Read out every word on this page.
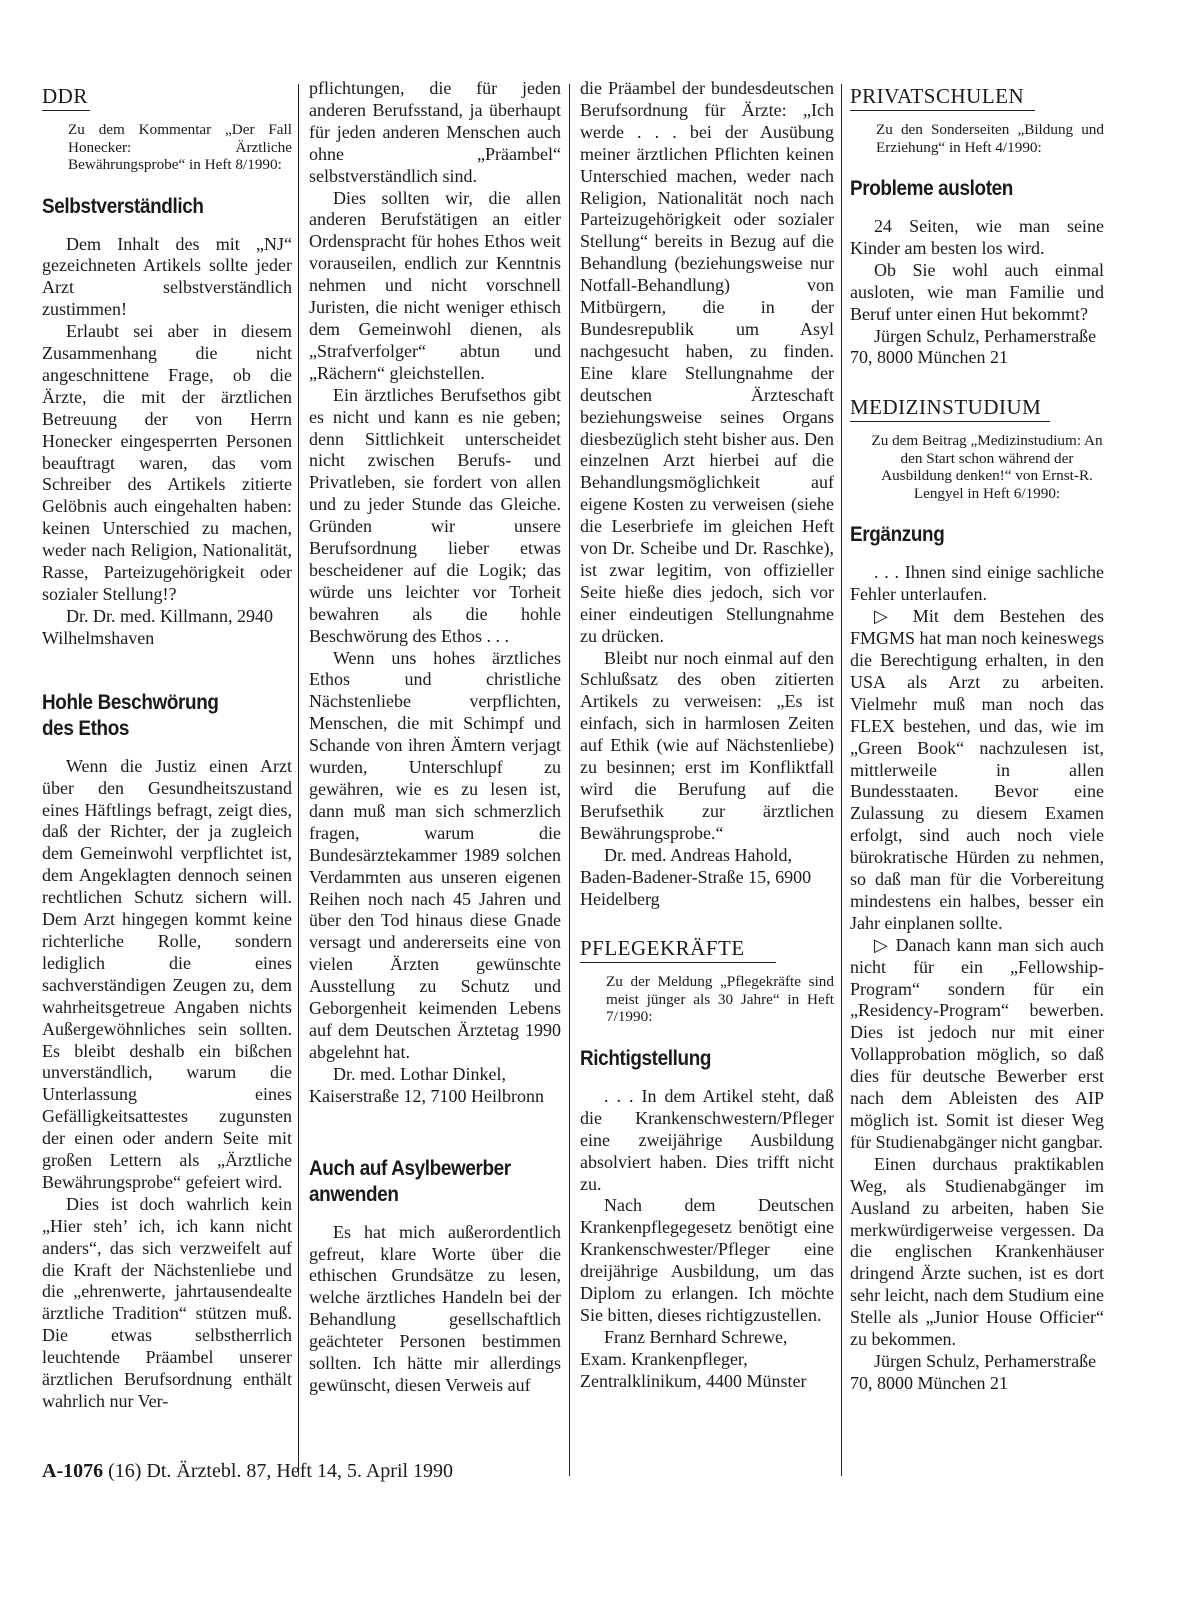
DDR
Zu dem Kommentar „Der Fall Honecker: Ärztliche Bewährungsprobe“ in Heft 8/1990:
Selbstverständlich

Dem Inhalt des mit „NJ“ gezeichneten Artikels sollte jeder Arzt selbstverständlich zustimmen!

Erlaubt sei aber in diesem Zusammenhang die nicht angeschnittene Frage, ob die Ärzte, die mit der ärztlichen Betreuung der von Herrn Honecker eingesperrten Personen beauftragt waren, das vom Schreiber des Artikels zitierte Gelöbnis auch eingehalten haben: keinen Unterschied zu machen, weder nach Religion, Nationalität, Rasse, Parteizugehörigkeit oder sozialer Stellung!?

Dr. Dr. med. Killmann, 2940 Wilhelmshaven

Hohle Beschwörung des Ethos

Wenn die Justiz einen Arzt über den Gesundheitszustand eines Häftlings befragt, zeigt dies, daß der Richter, der ja zugleich dem Gemeinwohl verpflichtet ist, dem Angeklagten dennoch seinen rechtlichen Schutz sichern will. Dem Arzt hingegen kommt keine richterliche Rolle, sondern lediglich die eines sachverständigen Zeugen zu, dem wahrheitsgetreue Angaben nichts Außergewöhnliches sein sollten. Es bleibt deshalb ein bißchen unverständlich, warum die Unterlassung eines Gefälligkeitsattestes zugunsten der einen oder andern Seite mit großen Lettern als „Ärztliche Bewährungsprobe“ gefeiert wird.

Dies ist doch wahrlich kein „Hier steh’ ich, ich kann nicht anders“, das sich verzweifelt auf die Kraft der Nächstenliebe und die „ehrenwerte, jahrtausendealte ärztliche Tradition“ stützen muß. Die etwas selbstherrlich leuchtende Präambel unserer ärztlichen Berufsordnung enthält wahrlich nur Ver-

pflichtungen, die für jeden anderen Berufsstand, ja überhaupt für jeden anderen Menschen auch ohne „Präambel“ selbstverständlich sind.

Dies sollten wir, die allen anderen Berufstätigen an eitler Ordenspracht für hohes Ethos weit vorauseilen, endlich zur Kenntnis nehmen und nicht vorschnell Juristen, die nicht weniger ethisch dem Gemeinwohl dienen, als „Strafverfolger“ abtun und „Rächern“ gleichstellen.

Ein ärztliches Berufsethos gibt es nicht und kann es nie geben; denn Sittlichkeit unterscheidet nicht zwischen Berufs- und Privatleben, sie fordert von allen und zu jeder Stunde das Gleiche. Gründen wir unsere Berufsordnung lieber etwas bescheidener auf die Logik; das würde uns leichter vor Torheit bewahren als die hohle Beschwörung des Ethos . . .

Wenn uns hohes ärztliches Ethos und christliche Nächstenliebe verpflichten, Menschen, die mit Schimpf und Schande von ihren Ämtern verjagt wurden, Unterschlupf zu gewähren, wie es zu lesen ist, dann muß man sich schmerzlich fragen, warum die Bundesärztekammer 1989 solchen Verdammten aus unseren eigenen Reihen noch nach 45 Jahren und über den Tod hinaus diese Gnade versagt und andererseits eine von vielen Ärzten gewünschte Ausstellung zu Schutz und Geborgenheit keimenden Lebens auf dem Deutschen Ärztetag 1990 abgelehnt hat.

Dr. med. Lothar Dinkel, Kaiserstraße 12, 7100 Heilbronn

Auch auf Asylbewerber anwenden

Es hat mich außerordentlich gefreut, klare Worte über die ethischen Grundsätze zu lesen, welche ärztliches Handeln bei der Behandlung gesellschaftlich geächteter Personen bestimmen sollten. Ich hätte mir allerdings gewünscht, diesen Verweis auf

die Präambel der bundesdeutschen Berufsordnung für Ärzte: „Ich werde . . . bei der Ausübung meiner ärztlichen Pflichten keinen Unterschied machen, weder nach Religion, Nationalität noch nach Parteizugehörigkeit oder sozialer Stellung“ bereits in Bezug auf die Behandlung (beziehungsweise nur Notfall-Behandlung) von Mitbürgern, die in der Bundesrepublik um Asyl nachgesucht haben, zu finden. Eine klare Stellungnahme der deutschen Ärzteschaft beziehungsweise seines Organs diesbezüglich steht bisher aus. Den einzelnen Arzt hierbei auf die Behandlungsmöglichkeit auf eigene Kosten zu verweisen (siehe die Leserbriefe im gleichen Heft von Dr. Scheibe und Dr. Raschke), ist zwar legitim, von offizieller Seite hieße dies jedoch, sich vor einer eindeutigen Stellungnahme zu drücken.

Bleibt nur noch einmal auf den Schlußsatz des oben zitierten Artikels zu verweisen: „Es ist einfach, sich in harmlosen Zeiten auf Ethik (wie auf Nächstenliebe) zu besinnen; erst im Konfliktfall wird die Berufung auf die Berufsethik zur ärztlichen Bewährungsprobe.“

Dr. med. Andreas Hahold, Baden-Badener-Straße 15, 6900 Heidelberg

PFLEGEKRÄFTE
Zu der Meldung „Pflegekräfte sind meist jünger als 30 Jahre“ in Heft 7/1990:
Richtigstellung

. . . In dem Artikel steht, daß die Krankenschwestern/Pfleger eine zweijährige Ausbildung absolviert haben. Dies trifft nicht zu.

Nach dem Deutschen Krankenpflegegesetz benötigt eine Krankenschwester/Pfleger eine dreijährige Ausbildung, um das Diplom zu erlangen. Ich möchte Sie bitten, dieses richtigzustellen.

Franz Bernhard Schrewe, Exam. Krankenpfleger, Zentralklinikum, 4400 Münster

PRIVATSCHULEN
Zu den Sonderseiten „Bildung und Erziehung“ in Heft 4/1990:
Probleme ausloten

24 Seiten, wie man seine Kinder am besten los wird.

Ob Sie wohl auch einmal ausloten, wie man Familie und Beruf unter einen Hut bekommt?

Jürgen Schulz, Perhamerstraße 70, 8000 München 21

MEDIZINSTUDIUM
Zu dem Beitrag „Medizinstudium: An den Start schon während der Ausbildung denken!“ von Ernst-R. Lengyel in Heft 6/1990:
Ergänzung

. . . Ihnen sind einige sachliche Fehler unterlaufen.

▷ Mit dem Bestehen des FMGMS hat man noch keineswegs die Berechtigung erhalten, in den USA als Arzt zu arbeiten. Vielmehr muß man noch das FLEX bestehen, und das, wie im „Green Book“ nachzulesen ist, mittlerweile in allen Bundesstaaten. Bevor eine Zulassung zu diesem Examen erfolgt, sind auch noch viele bürokratische Hürden zu nehmen, so daß man für die Vorbereitung mindestens ein halbes, besser ein Jahr einplanen sollte.

▷ Danach kann man sich auch nicht für ein „Fellowship-Program“ sondern für ein „Residency-Program“ bewerben. Dies ist jedoch nur mit einer Vollapprobation möglich, so daß dies für deutsche Bewerber erst nach dem Ableisten des AIP möglich ist. Somit ist dieser Weg für Studienabgänger nicht gangbar.

Einen durchaus praktikablen Weg, als Studienabgänger im Ausland zu arbeiten, haben Sie merkwürdigerweise vergessen. Da die englischen Krankenhäuser dringend Ärzte suchen, ist es dort sehr leicht, nach dem Studium eine Stelle als „Junior House Officier“ zu bekommen.

Jürgen Schulz, Perhamerstraße 70, 8000 München 21

A-1076 (16) Dt. Ärztebl. 87, Heft 14, 5. April 1990
